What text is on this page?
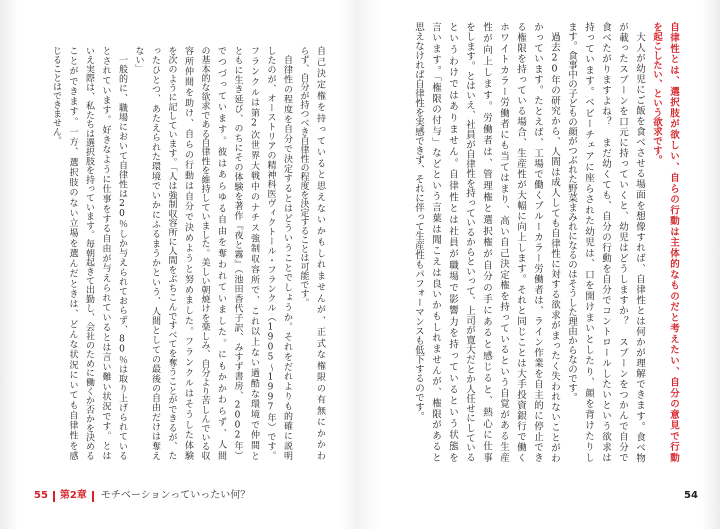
自己決定権を持っていると思えないかもしれませんが、正式な権限の有無にかかわ
らず、自分が持つべき自律性の程度を決定することは可能です。
自律性の程度を自分で決定するとはどういうことでしょうか。それをだれよりも的確に説明
したのが、オーストリアの精神科医ヴィクトール・フランクル（1905～1997年）です。
フランクルは第2次世界大戦中のナチス強制収容所で、これ以上ない過酷な環境で仲間と
ともに生き延び、のちにその体験を著作『夜と霧』（池田香代子訳、みすず書房、2002年）
でつづっています。彼はあらゆる自由を奪われていました。にもかかわらず、人間
の基本的な欲求である自律性を維持していました。美しい朝焼けを楽しみ、自分より苦しんでいる収
容所仲間を助け、自らの行動は自分で決めようと努めました。フランクルはそうした体験
を次のように記しています。「人は強制収容所に人間をぶちこんですべてを奪うことができるが、た
ったひとつ、あたえられた環境でいかにふるまうかという、人間としての最後の自由だけは奪え
ない」
一般的に、職場において自律性は20％しか与えられておらず、80％は取り上げられている
とされています。好きなように仕事をする自由が与えられているとは言い難い状況です。とは
いえ実際は、私たちは選択肢を持っています。毎朝起きて出勤し、会社のために働くか否かを決める
ことができます。一方、選択肢のない立場を選んだときは、どんな状況にいても自律性を感
じることはできません。
55 第2章 モチベーションっていったい何？
自律性とは、選択肢が欲しい、自らの行動は主体的なものだと考えたい、自分の意見で行動
を起こしたい、という欲求です。
大人が幼児にご飯を食べさせる場面を想像すれば、自律性とは何かが理解できます。食べ物
が載ったスプーンを口元に持っていくと、幼児はどうしますか？　スプーンをつかんで自分で
食べたがりますよね？　まだ幼くても、自分の行動を自分でコントロールしたいという欲求は
持っています。ベビーチェアに座らされた幼児は、口を開けまいとしたり、顔を背けたりし
ます。食事中の子どもの顔がつぶれた野菜まみれになるのはそうした理由からなのです。
過去20年の研究から、人間は成人しても自律性に対する欲求がまったく失われないことがわ
かっています。たとえば、工場で働くブルーカラー労働者は、ライン作業を自主的に停止でき
る権限を持っている場合、生産性が大幅に向上します。それと同じことは大手投資銀行で働く
ホワイトカラー労働者にも当てはまり、高い自己決定権を持っているという自覚がある生産
性が向上します。労働者は、管理権と選択権が自分の手にあると感じると、熱心に仕事
をします。とはいえ、社員が自律性を持っているからといって、上司が寛大だとか人任せにしている
というわけではありません。自律性とは社員が職場で影響力を持っているという状態を
言います。「権限の付与」などという言葉は聞こえは良いかもしれませんが、権限があると
思えなければ自律性を実感できず、それに伴って生産性もパフォーマンスも低下するのです。
54
